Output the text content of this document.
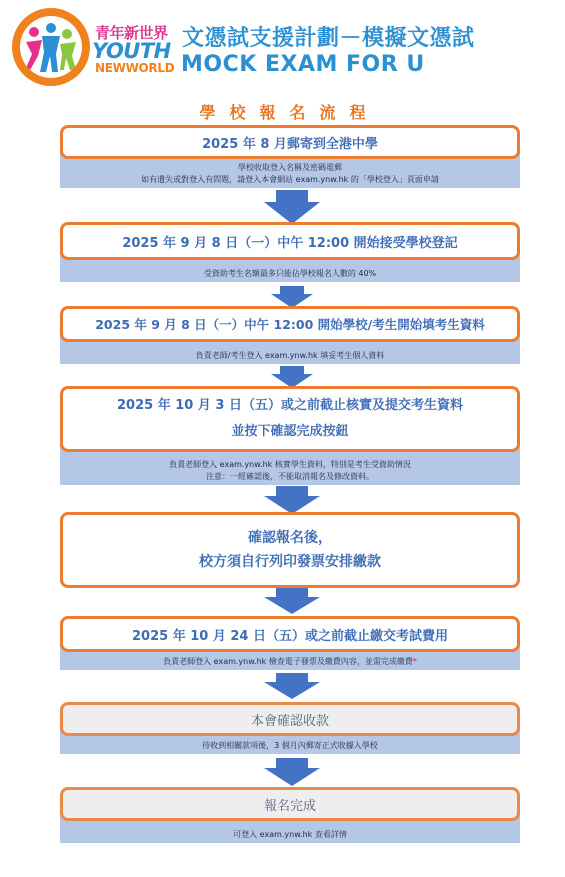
青年新世界
YOUTH
NEWWORLD
文憑試支援計劃－模擬文憑試
MOCK EXAM FOR U
學校報名流程
學校收取登入名稱及密碼電郵
如有遺失或對登入有問題，請登入本會網站 exam.ynw.hk 的「學校登入」頁面申請
2025 年 8 月郵寄到全港中學
受資助考生名額最多只能佔學校報名人數的 40%
2025 年 9 月 8 日（一）中午 12:00 開始接受學校登記
負責老師/考生登入 exam.ynw.hk 填妥考生個人資料
2025 年 9 月 8 日（一）中午 12:00 開始學校/考生開始填考生資料
負責老師登入 exam.ynw.hk 核實學生資料，特別是考生受資助情況
注意：一經確認後，不能取消報名及修改資料。
2025 年 10 月 3 日（五）或之前截止核實及提交考生資料
並按下確認完成按鈕
確認報名後，
校方須自行列印發票安排繳款
負責老師登入 exam.ynw.hk 檢查電子發票及繳費內容，並需完成繳費*
2025 年 10 月 24 日（五）或之前截止繳交考試費用
待收到相關款項後，3 個月內郵寄正式收據入學校
本會確認收款
可登入 exam.ynw.hk 查看詳情
報名完成
